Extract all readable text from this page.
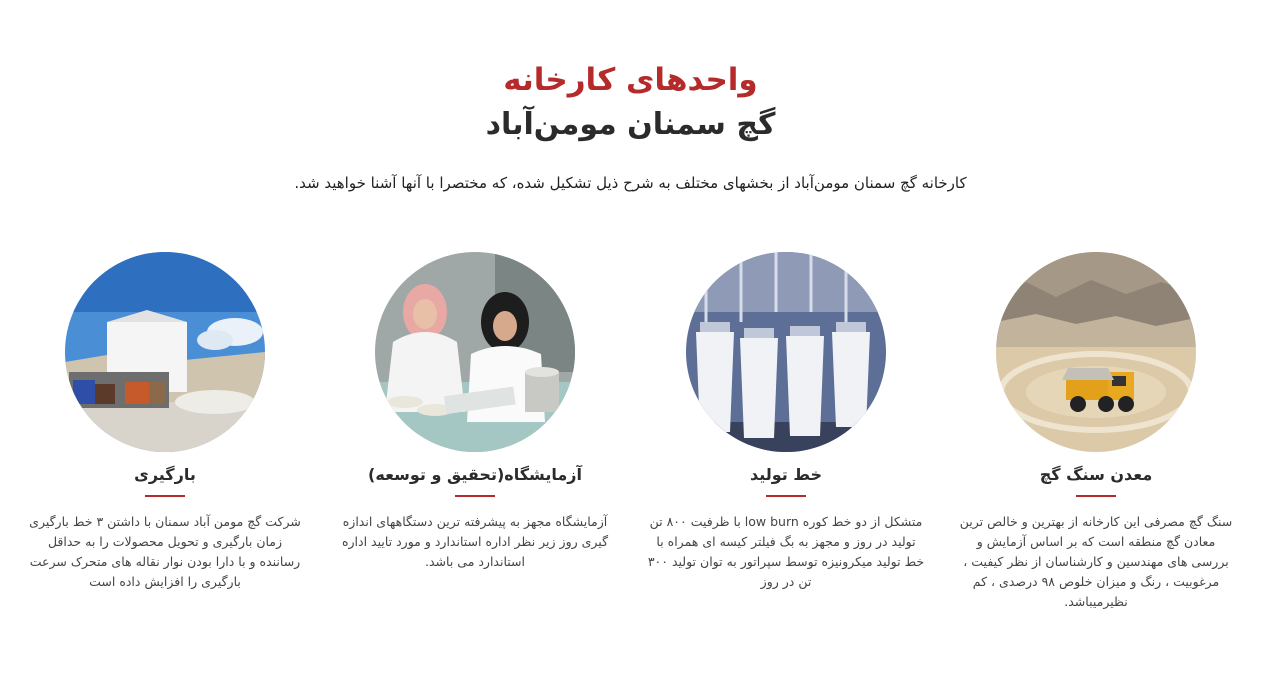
واحدهای کارخانه
گچ سمنان مومن‌آباد
کارخانه گچ سمنان مومن‌آباد از بخشهای مختلف به شرح ذیل تشکیل شده، که مختصرا با آنها آشنا خواهید شد.
معدن سنگ گچ
سنگ گچ مصرفی این کارخانه از بهترین و خالص ترین معادن گچ منطقه است که بر اساس آزمایش و بررسی های مهندسین و کارشناسان از نظر کیفیت ، مرغوبیت ، رنگ و میزان خلوص ۹۸ درصدی ، کم نظیرمیباشد.
خط تولید
متشکل از دو خط کوره low burn با ظرفیت ۸۰۰ تن تولید در روز و مجهز به بگ فیلتر کیسه ای همراه با خط تولید میکرونیزه توسط سپراتور به توان تولید ۳۰۰ تن در روز
آزمایشگاه(تحقیق و توسعه)
آزمایشگاه مجهز به پیشرفته ترین دستگاههای اندازه گیری روز زیر نظر اداره استاندارد و مورد تایید اداره استاندارد می باشد.
بارگیری
شرکت گچ مومن آباد سمنان با داشتن ۳ خط بارگیری زمان بارگیری و تحویل محصولات را به حداقل رساننده و با دارا بودن نوار نقاله های متحرک سرعت بارگیری را افزایش داده است
